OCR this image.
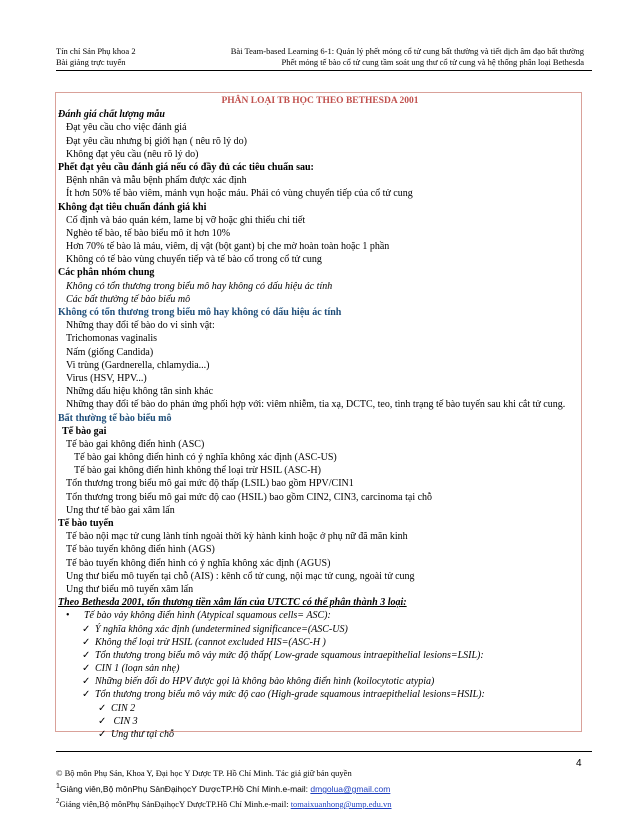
Tín chỉ Sản Phụ khoa 2
Bài giảng trực tuyến
Bài Team-based Learning 6-1: Quản lý phết mỏng cổ tử cung bất thường và tiết dịch âm đạo bất thường
Phết mỏng tế bào cổ tử cung tầm soát ung thư cổ tử cung và hệ thống phân loại Bethesda
PHÂN LOẠI TB HỌC THEO BETHESDA 2001
Đánh giá chất lượng mẫu
Đạt yêu cầu cho việc đánh giá
Đạt yêu cầu nhưng bị giới hạn ( nêu rõ lý do)
Không đạt yêu cầu (nêu rõ lý do)
Phết đạt yêu cầu đánh giá nếu có đầy đủ các tiêu chuẩn sau:
Bệnh nhân và mẫu bệnh phẩm được xác định
Ít hơn 50% tế bào viêm, mảnh vụn hoặc máu. Phải có vùng chuyển tiếp của cổ tử cung
Không đạt tiêu chuẩn đánh giá khi
Cố định và bảo quản kém, lame bị vỡ hoặc ghi thiếu chi tiết
Nghèo tế bào, tế bào biểu mô ít hơn 10%
Hơn 70% tế bào là máu, viêm, dị vật (bột gant) bị che mờ hoàn toàn hoặc 1 phần
Không có tế bào vùng chuyển tiếp và tế bào cổ trong cổ tử cung
Các phân nhóm chung
Không có tổn thương trong biểu mô hay không có dấu hiệu ác tính
Các bất thường tế bào biểu mô
Không có tổn thương trong biểu mô hay không có dấu hiệu ác tính
Những thay đổi tế bào do vi sinh vật:
Trichomonas vaginalis
Nấm (giống Candida)
Vi trùng (Gardnerella, chlamydia...)
Virus (HSV, HPV...)
Những dấu hiệu không tân sinh khác
Những thay đổi tế bào do phản ứng phối hợp với: viêm nhiễm, tia xạ, DCTC, teo, tình trạng tế bào tuyến sau khi cắt tử cung.
Bất thường tế bào biểu mô
Tế bào gai
Tế bào gai không điển hình (ASC)
Tế bào gai không điển hình có ý nghĩa không xác định (ASC-US)
Tế bào gai không điển hình không thể loại trừ HSIL (ASC-H)
Tổn thương trong biểu mô gai mức độ thấp (LSIL) bao gồm HPV/CIN1
Tổn thương trong biểu mô gai mức độ cao (HSIL) bao gồm CIN2, CIN3, carcinoma tại chỗ
Ung thư tế bào gai xâm lấn
Tế bào tuyến
Tế bào nội mạc tử cung lành tính ngoài thời kỳ hành kinh hoặc ở phụ nữ đã mãn kinh
Tế bào tuyến không điển hình (AGS)
Tế bào tuyến không điển hình có ý nghĩa không xác định (AGUS)
Ung thư biểu mô tuyến tại chỗ (AIS) : kênh cổ tử cung, nội mạc tử cung, ngoài tử cung
Ung thư biểu mô tuyến xâm lấn
Theo Bethesda 2001, tổn thương tiền xâm lấn của UTCTC có thể phân thành 3 loại:
• Tế bào vảy không điển hình (Atypical squamous cells= ASC):
✓ Ý nghĩa không xác định (undetermined significance=(ASC-US)
✓ Không thể loại trừ HSIL (cannot excluded HIS=(ASC-H )
✓ Tổn thương trong biểu mô vảy mức độ thấp( Low-grade squamous intraepithelial lesions=LSIL):
✓ CIN 1 (loạn sản nhẹ)
✓ Những biến đổi do HPV được gọi là không bào không điển hình (koilocytotic atypia)
✓ Tổn thương trong biểu mô vảy mức độ cao (High-grade squamous intraepithelial lesions=HSIL):
✓ CIN 2
✓ CIN 3
✓ Ung thư tại chỗ
4
© Bộ môn Phụ Sản, Khoa Y, Đại học Y Dược TP. Hồ Chí Minh. Tác giả giữ bản quyền
$^1$Giảng viên,Bộ mônPhụ SảnĐạihọcY DượcTP.Hồ Chí Minh.e-mail: dmgolua@gmail.com
$^2$Giảng viên,Bộ mônPhụ SảnĐạihọcY DượcTP.Hồ Chí Minh.e-mail: tomaixuanhong@ump.edu.vn
